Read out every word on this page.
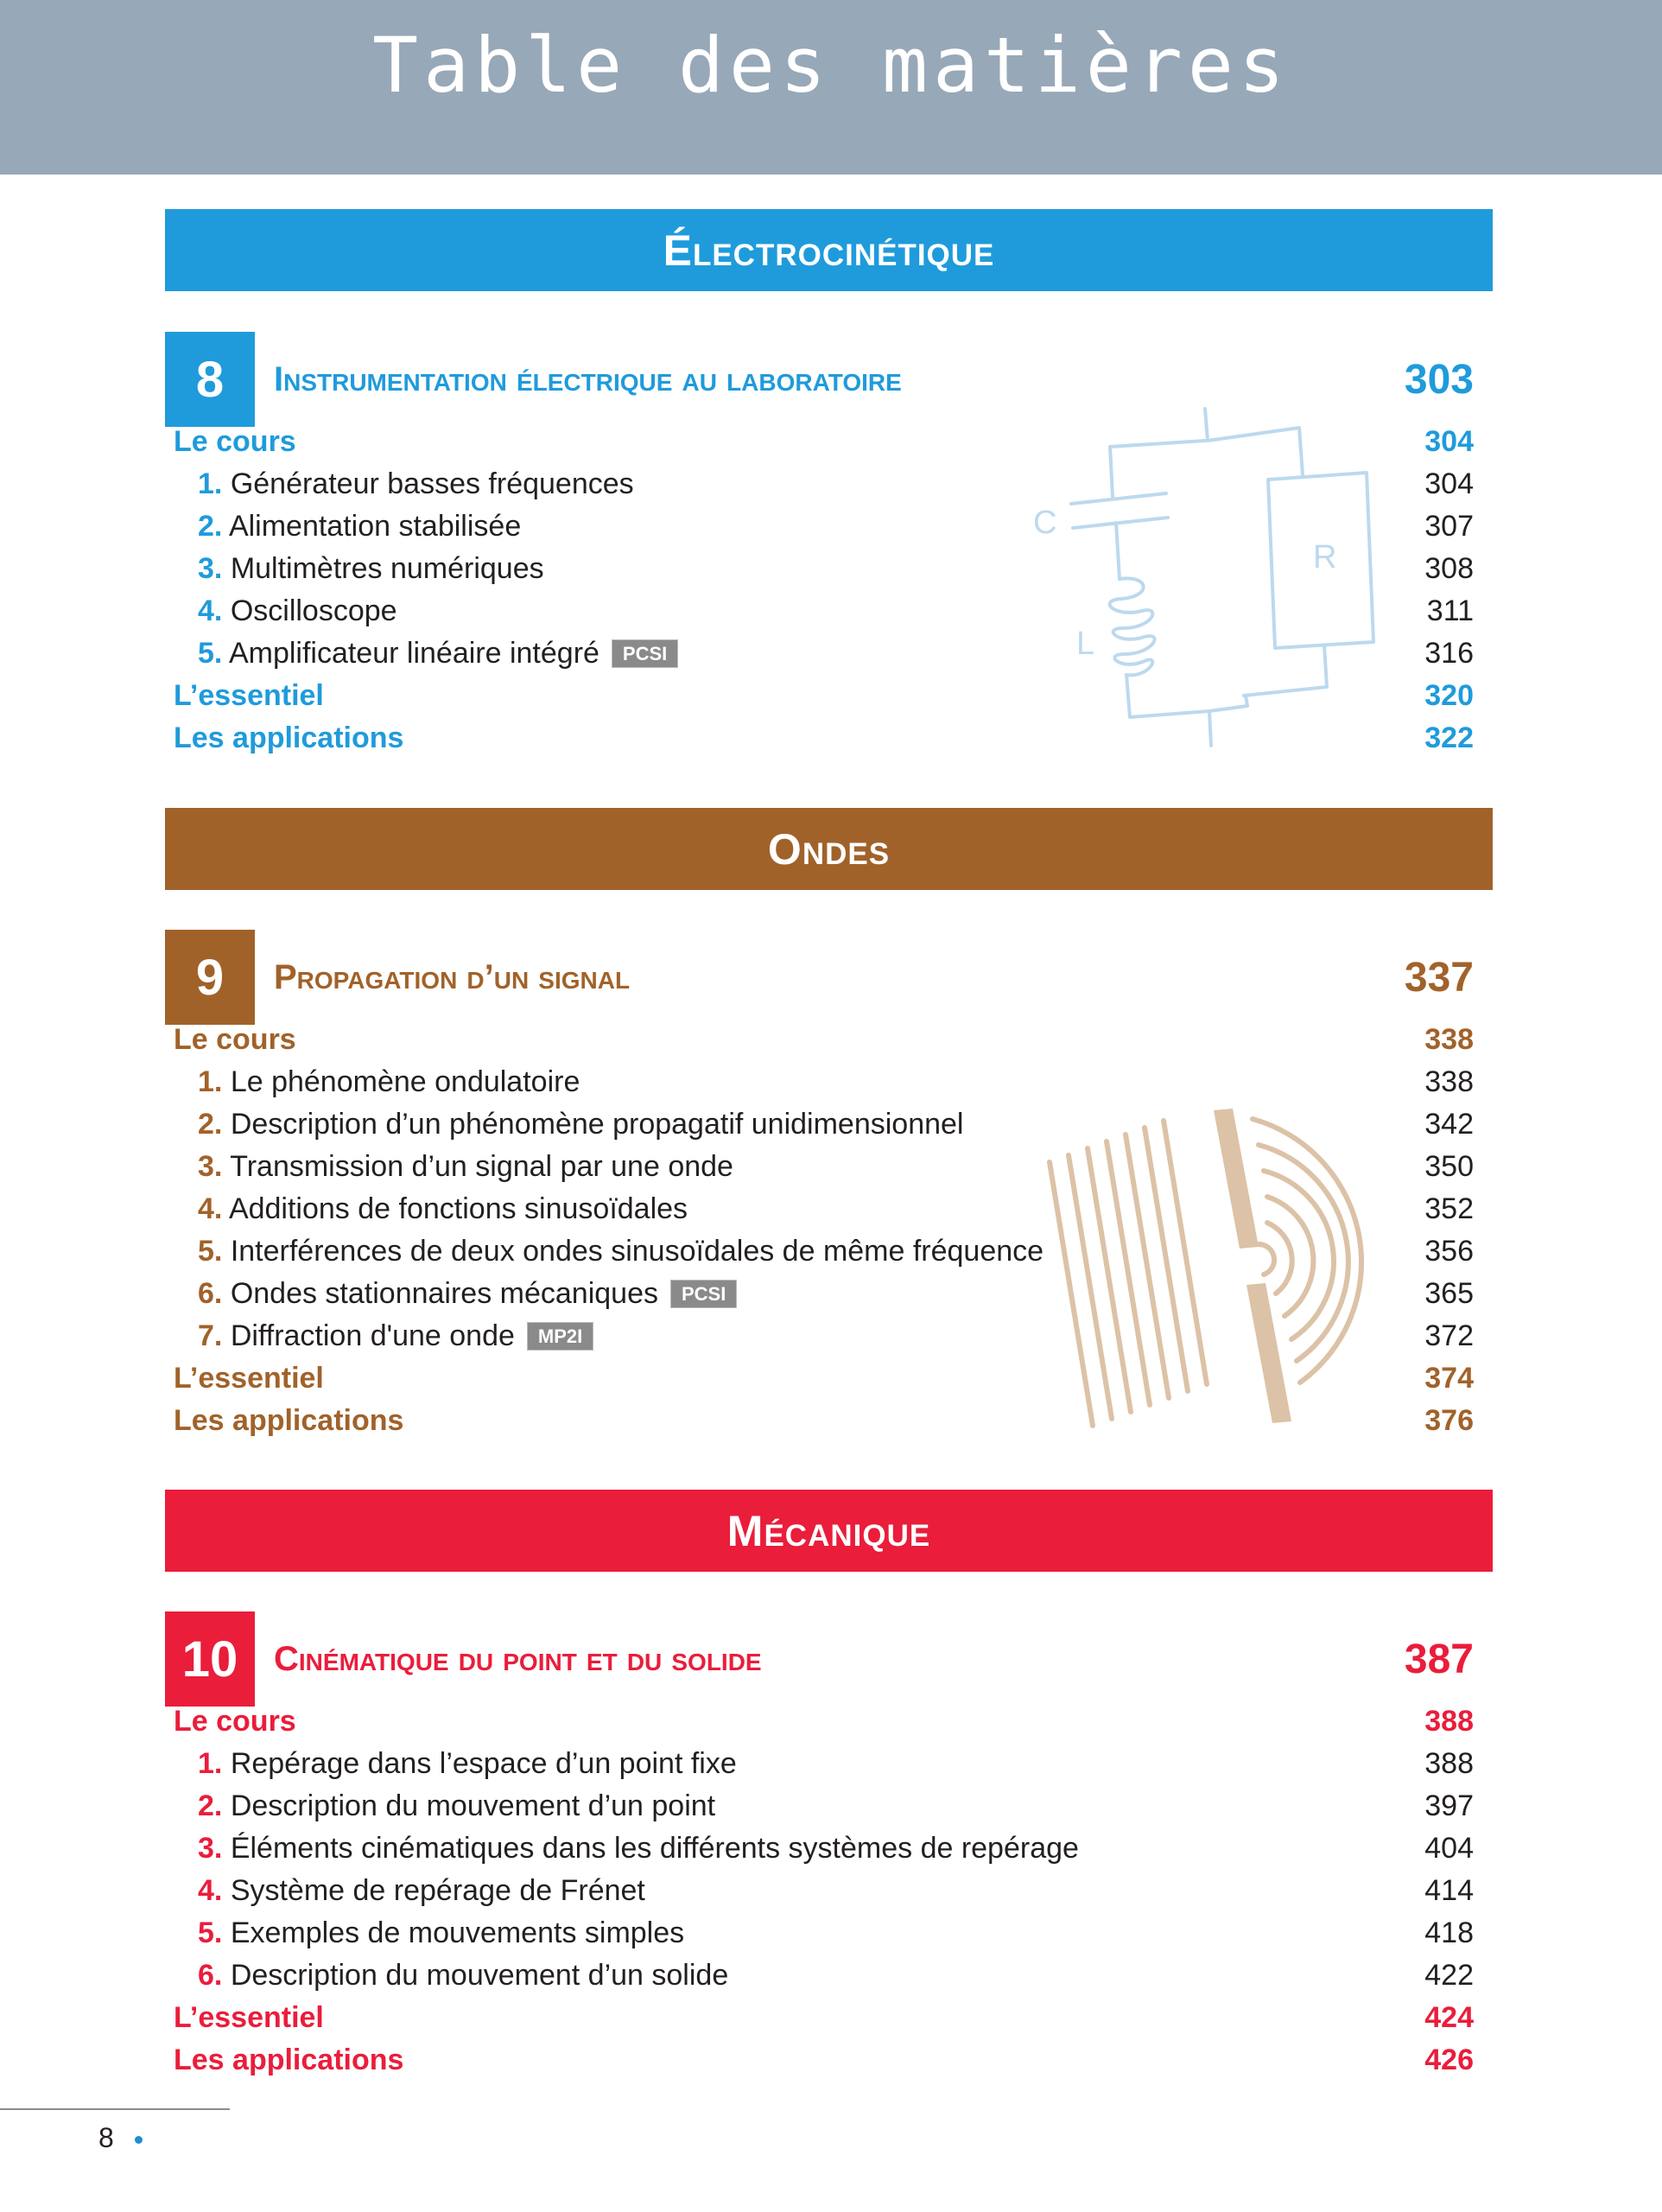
Table des matières
Électrocinétique
8	Instrumentation électrique au laboratoire	303
Le cours	304
1. Générateur basses fréquences	304
2. Alimentation stabilisée	307
3. Multimètres numériques	308
4. Oscilloscope	311
5. Amplificateur linéaire intégré PCSI	316
L’essentiel	320
Les applications	322
C
R
L
Ondes
9	Propagation d’un signal	337
Le cours	338
1. Le phénomène ondulatoire	338
2. Description d’un phénomène propagatif unidimensionnel	342
3. Transmission d’un signal par une onde	350
4. Additions de fonctions sinusoïdales	352
5. Interférences de deux ondes sinusoïdales de même fréquence	356
6. Ondes stationnaires mécaniques PCSI	365
7. Diffraction d'une onde MP2I	372
L’essentiel	374
Les applications	376
Mécanique
10	Cinématique du point et du solide	387
Le cours	388
1. Repérage dans l’espace d’un point fixe	388
2. Description du mouvement d’un point	397
3. Éléments cinématiques dans les différents systèmes de repérage	404
4. Système de repérage de Frénet	414
5. Exemples de mouvements simples	418
6. Description du mouvement d’un solide	422
L’essentiel	424
Les applications	426
8
